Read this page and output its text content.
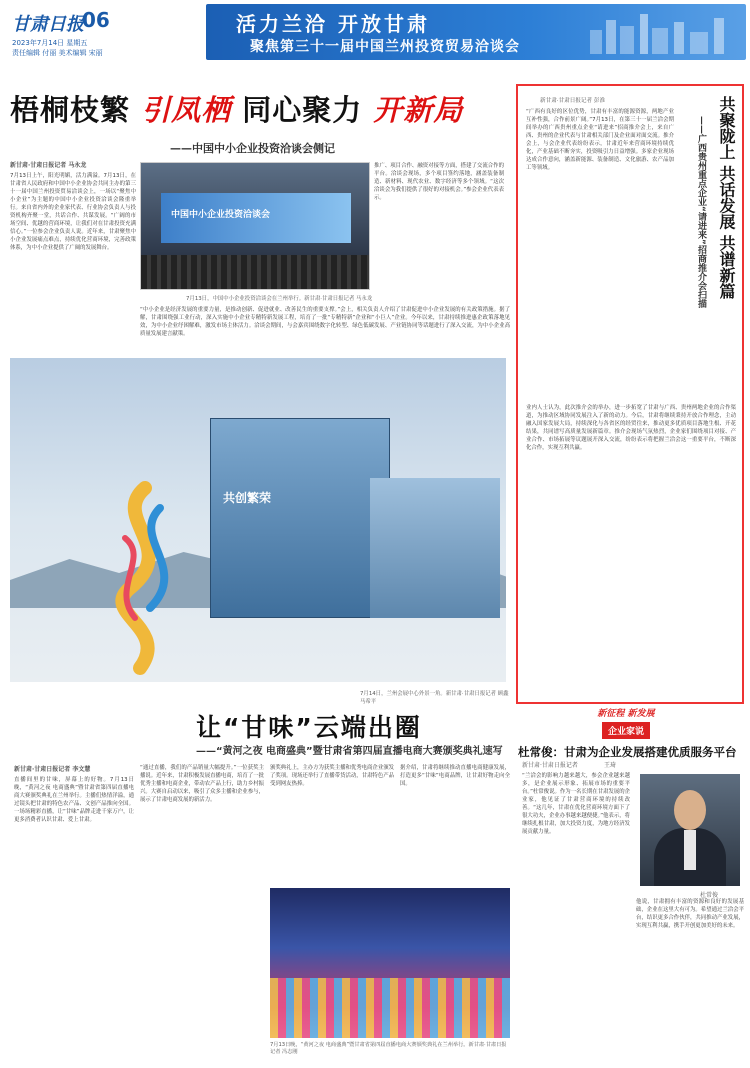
甘肃日报
06
2023年7月14日 星期五
责任编辑 付丽 美术编辑 宋丽
活力兰洽 开放甘肃
聚焦第三十一届中国兰州投资贸易洽谈会
梧桐枝繁 引凤栖 同心聚力 开新局
——中国中小企业投资洽谈会侧记
新甘肃·甘肃日报记者 马永龙
7月13日上午，阳光明媚，活力满溢。7月13日，在甘肃省人民政府和中国中小企业协会共同主办的第三十一届中国兰州投资贸易洽谈会上，一场以“聚焦中小企业”为主题的中国中小企业投资洽谈会隆重举行。来自省内外的企业家代表、行业协会负责人与投资机构齐聚一堂，共话合作、共谋发展。“广阔的市场空间、优越的营商环境，让我们对在甘肃投资充满信心。”一位参会企业负责人说。近年来，甘肃聚焦中小企业发展痛点难点，持续优化营商环境，完善政策体系，为中小企业提供了广阔的发展舞台。
中国中小企业投资洽谈会
7月13日，中国中小企业投资洽谈会在兰州举行。新甘肃·甘肃日报记者 马永龙
推广、项目合作、融资对接等方面，搭建了交流合作的平台。洽谈会现场，多个项目签约落地，涵盖装备制造、新材料、现代农业、数字经济等多个领域。“这次洽谈会为我们提供了很好的对接机会。”参会企业代表表示。
“中小企业是经济发展的重要力量，是推动创新、促进就业、改善民生的重要支撑。”会上，相关负责人介绍了甘肃促进中小企业发展的有关政策措施。据了解，甘肃围绕强工业行动，深入实施中小企业专精特新发展工程，培育了一批“专精特新”企业和“小巨人”企业。今年以来，甘肃持续推进惠企政策落地见效，为中小企业纾困解难，激发市场主体活力。洽谈会期间，与会嘉宾围绕数字化转型、绿色低碳发展、产业链协同等话题进行了深入交流，为中小企业高质量发展建言献策。
共聚陇上 共话发展 共谱新篇
——广西贵州重点企业“请进来”招商推介会扫描
新甘肃·甘肃日报记者 彭淮
“广西有良好的区位优势，甘肃有丰富的能源资源，两地产业互补性强，合作前景广阔。”7月13日，在第三十一届兰洽会期间举办的广西贵州重点企业“请进来”招商推介会上，来自广西、贵州的企业代表与甘肃相关部门及企业面对面交流。推介会上，与会企业代表纷纷表示，甘肃近年来营商环境持续优化，产业基础不断夯实，投资吸引力日益增强。多家企业现场达成合作意向，涵盖新能源、装备制造、文化旅游、农产品加工等领域。
业内人士认为，此次推介会的举办，进一步拓宽了甘肃与广西、贵州两地企业的合作渠道，为推动区域协同发展注入了新的动力。今后，甘肃将继续秉持开放合作理念，主动融入国家发展大局，持续深化与各省区的经贸往来，推动更多优质项目落地生根、开花结果，共同谱写高质量发展新篇章。推介会现场气氛热烈，企业家们围绕项目对接、产业合作、市场拓展等议题展开深入交流，纷纷表示将把握兰洽会这一重要平台，不断深化合作，实现互利共赢。
共创繁荣
7月14日，兰州会展中心外景一角。新甘肃·甘肃日报记者 顾鑫 马希平
让“甘味”云端出圈
——“黄河之夜 电商盛典”暨甘肃省第四届直播电商大赛颁奖典礼速写
新甘肃·甘肃日报记者 李文慧
直播间里的甘味，屏幕上的好物。7月13日晚，“黄河之夜 电商盛典”暨甘肃省第四届直播电商大赛颁奖典礼在兰州举行。主播们热情洋溢，通过镜头把甘肃的特色农产品、文创产品推向全国。一场场精彩直播，让“甘味”品牌走进千家万户，让更多消费者认识甘肃、爱上甘肃。
“通过直播，我们的产品销量大幅提升。”一位获奖主播说。近年来，甘肃积极发展直播电商，培育了一批优秀主播和电商企业，带动农产品上行，助力乡村振兴。大赛自启动以来，吸引了众多主播和企业参与，展示了甘肃电商发展的新活力。
颁奖典礼上，主办方为获奖主播和优秀电商企业颁发了奖项。现场还举行了直播带货活动，甘肃特色产品受到网友热捧。
据介绍，甘肃将继续推动直播电商健康发展，打造更多“甘味”电商品牌，让甘肃好物走向全国。
7月13日晚，“黄河之夜 电商盛典”暨甘肃省第四届直播电商大赛颁奖典礼在兰州举行。新甘肃·甘肃日报记者 冯志刚
新征程 新发展
企业家说
杜常俊：甘肃为企业发展搭建优质服务平台
新甘肃·甘肃日报记者	王琦
“兰洽会的影响力越来越大，参会企业越来越多，是企业展示形象、拓展市场的重要平台。”杜常俊说。作为一名长期在甘肃发展的企业家，他见证了甘肃营商环境的持续改善。“这几年，甘肃在优化营商环境方面下了很大功夫，企业办事越来越便捷。”他表示，将继续扎根甘肃，加大投资力度，为地方经济发展贡献力量。
杜常俊
他说，甘肃拥有丰富的资源和良好的发展基础，企业在这里大有可为。希望通过兰洽会平台，结识更多合作伙伴，共同推动产业发展，实现互利共赢，携手开创更加美好的未来。
